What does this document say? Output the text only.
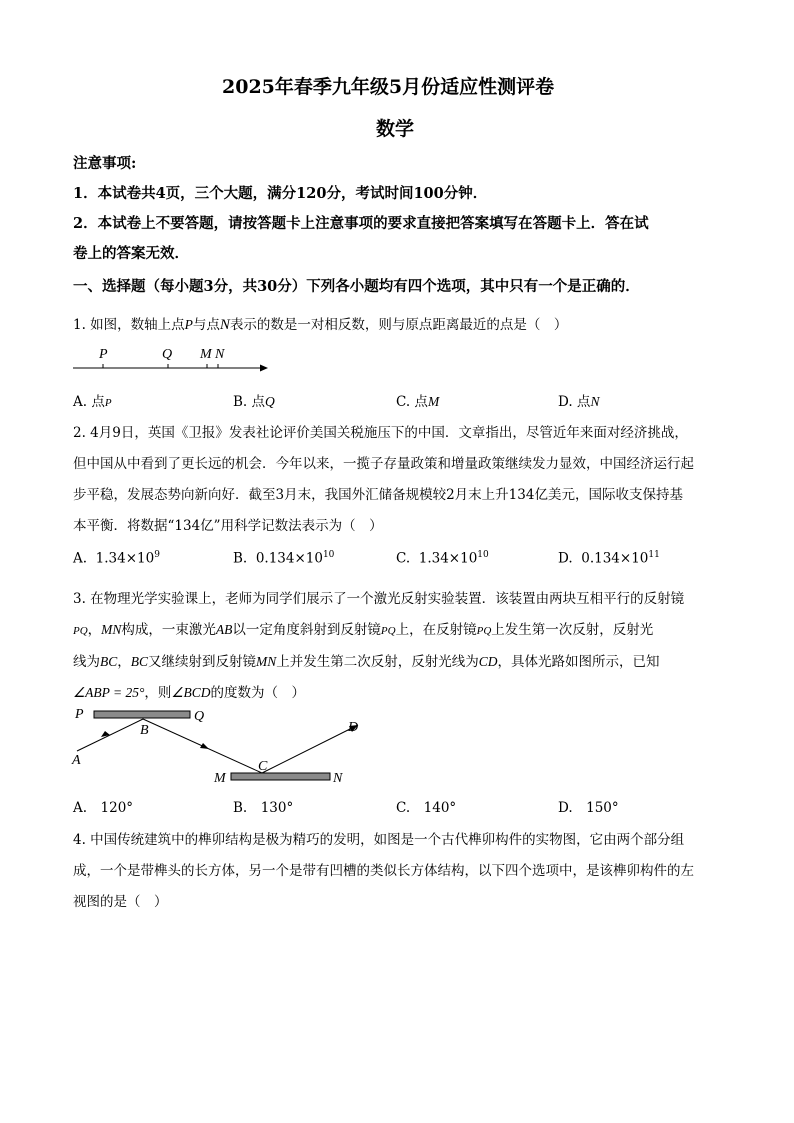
2025年春季九年级5月份适应性测评卷
数学
注意事项:
1．本试卷共4页，三个大题，满分120分，考试时间100分钟．
2．本试卷上不要答题，请按答题卡上注意事项的要求直接把答案填写在答题卡上．答在试
卷上的答案无效．
一、选择题（每小题3分，共30分）下列各小题均有四个选项，其中只有一个是正确的．
1. 如图，数轴上点P与点N表示的数是一对相反数，则与原点距离最近的点是（　）
P	Q M N
A. 点P	B. 点Q	C. 点M	D. 点N
2. 4月9日，英国《卫报》发表社论评价美国关税施压下的中国．文章指出，尽管近年来面对经济挑战，
但中国从中看到了更长远的机会．今年以来，一揽子存量政策和增量政策继续发力显效，中国经济运行起
步平稳，发展态势向新向好．截至3月末，我国外汇储备规模较2月末上升134亿美元，国际收支保持基
本平衡．将数据“134亿”用科学记数法表示为（　）
A. $1.34\times 10^9$	B. $0.134\times 10^{10}$	C. $1.34\times 10^{10}$	D. $0.134\times 10^{11}$
3. 在物理光学实验课上，老师为同学们展示了一个激光反射实验装置．该装置由两块互相平行的反射镜
PQ，MN构成，一束激光AB以一定角度斜射到反射镜PQ上，在反射镜PQ上发生第一次反射，反射光
线为BC，BC又继续射到反射镜MN上并发生第二次反射，反射光线为CD，具体光路如图所示，已知
∠ABP = 25°，则∠BCD的度数为（　）
P	Q
A
B
C
D
M	N
A.　120°	B.　130°	C.　140°	D.　150°
4. 中国传统建筑中的榫卯结构是极为精巧的发明，如图是一个古代榫卯构件的实物图，它由两个部分组
成，一个是带榫头的长方体，另一个是带有凹槽的类似长方体结构，以下四个选项中，是该榫卯构件的左
视图的是（　）
